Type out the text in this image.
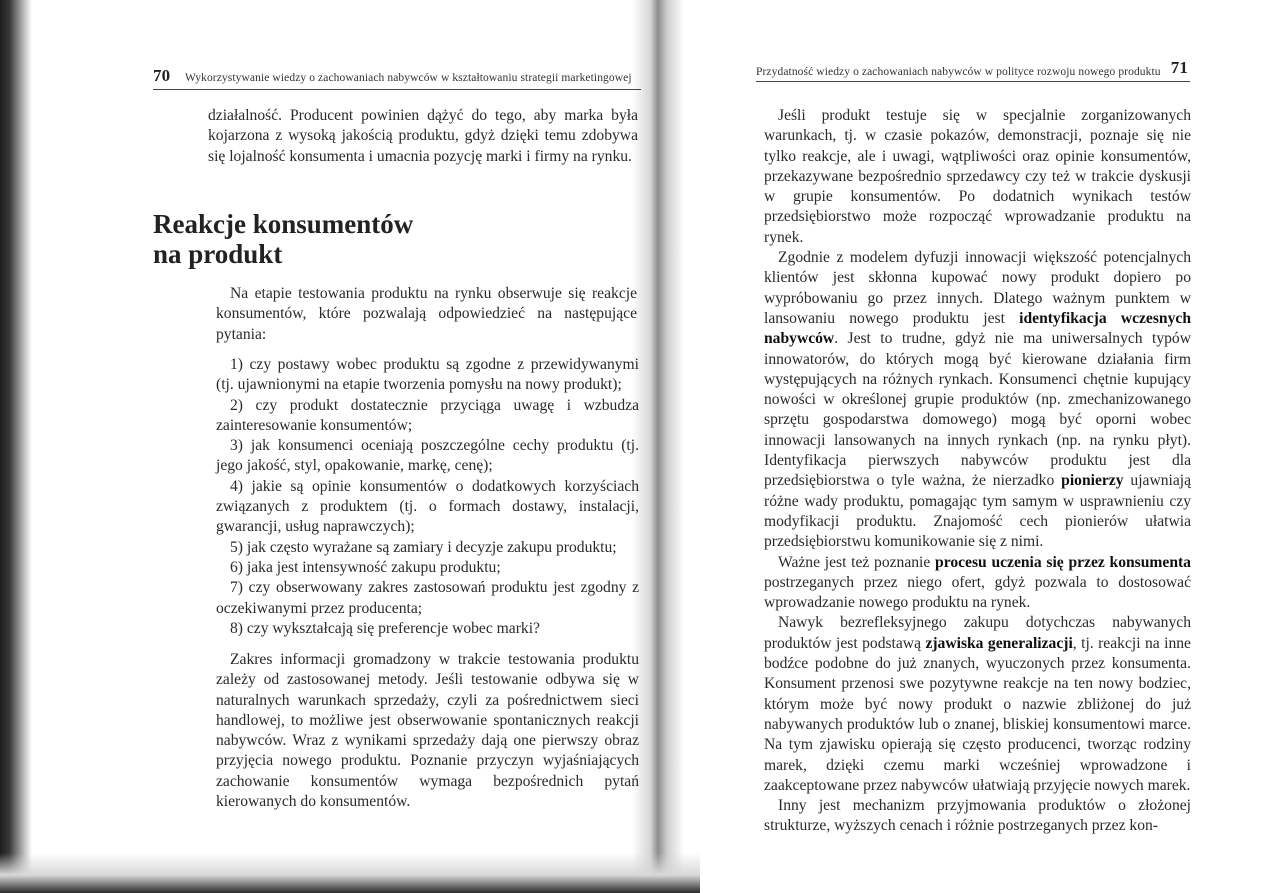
70 Wykorzystywanie wiedzy o zachowaniach nabywców w kształtowaniu strategii marketingowej

działalność. Producent powinien dążyć do tego, aby marka była kojarzona z wysoką jakością produktu, gdyż dzięki temu zdobywa się lojalność konsumenta i umacnia pozycję marki i firmy na rynku.

Reakcje konsumentów
na produkt

Na etapie testowania produktu na rynku obserwuje się reakcje konsumentów, które pozwalają odpowiedzieć na następujące pytania:

1) czy postawy wobec produktu są zgodne z przewidywanymi (tj. ujawnionymi na etapie tworzenia pomysłu na nowy produkt);

2) czy produkt dostatecznie przyciąga uwagę i wzbudza zainteresowanie konsumentów;

3) jak konsumenci oceniają poszczególne cechy produktu (tj. jego jakość, styl, opakowanie, markę, cenę);

4) jakie są opinie konsumentów o dodatkowych korzyściach związanych z produktem (tj. o formach dostawy, instalacji, gwarancji, usług naprawczych);

5) jak często wyrażane są zamiary i decyzje zakupu produktu;

6) jaka jest intensywność zakupu produktu;

7) czy obserwowany zakres zastosowań produktu jest zgodny z oczekiwanymi przez producenta;

8) czy wykształcają się preferencje wobec marki?

Zakres informacji gromadzony w trakcie testowania produktu zależy od zastosowanej metody. Jeśli testowanie odbywa się w naturalnych warunkach sprzedaży, czyli za pośrednictwem sieci handlowej, to możliwe jest obserwowanie spontanicznych reakcji nabywców. Wraz z wynikami sprzedaży dają one pierwszy obraz przyjęcia nowego produktu. Poznanie przyczyn wyjaśniających zachowanie konsumentów wymaga bezpośrednich pytań kierowanych do konsumentów.

Przydatność wiedzy o zachowaniach nabywców w polityce rozwoju nowego produktu 71

Jeśli produkt testuje się w specjalnie zorganizowanych warunkach, tj. w czasie pokazów, demonstracji, poznaje się nie tylko reakcje, ale i uwagi, wątpliwości oraz opinie konsumentów, przekazywane bezpośrednio sprzedawcy czy też w trakcie dyskusji w grupie konsumentów. Po dodatnich wynikach testów przedsiębiorstwo może rozpocząć wprowadzanie produktu na rynek.

Zgodnie z modelem dyfuzji innowacji większość potencjalnych klientów jest skłonna kupować nowy produkt dopiero po wypróbowaniu go przez innych. Dlatego ważnym punktem w lansowaniu nowego produktu jest identyfikacja wczesnych nabywców. Jest to trudne, gdyż nie ma uniwersalnych typów innowatorów, do których mogą być kierowane działania firm występujących na różnych rynkach. Konsumenci chętnie kupujący nowości w określonej grupie produktów (np. zmechanizowanego sprzętu gospodarstwa domowego) mogą być oporni wobec innowacji lansowanych na innych rynkach (np. na rynku płyt). Identyfikacja pierwszych nabywców produktu jest dla przedsiębiorstwa o tyle ważna, że nierzadko pionierzy ujawniają różne wady produktu, pomagając tym samym w usprawnieniu czy modyfikacji produktu. Znajomość cech pionierów ułatwia przedsiębiorstwu komunikowanie się z nimi.

Ważne jest też poznanie procesu uczenia się przez konsumenta postrzeganych przez niego ofert, gdyż pozwala to dostosować wprowadzanie nowego produktu na rynek.

Nawyk bezrefleksyjnego zakupu dotychczas nabywanych produktów jest podstawą zjawiska generalizacji, tj. reakcji na inne bodźce podobne do już znanych, wyuczonych przez konsumenta. Konsument przenosi swe pozytywne reakcje na ten nowy bodziec, którym może być nowy produkt o nazwie zbliżonej do już nabywanych produktów lub o znanej, bliskiej konsumentowi marce. Na tym zjawisku opierają się często producenci, tworząc rodziny marek, dzięki czemu marki wcześniej wprowadzone i zaakceptowane przez nabywców ułatwiają przyjęcie nowych marek.

Inny jest mechanizm przyjmowania produktów o złożonej strukturze, wyższych cenach i różnie postrzeganych przez kon-
